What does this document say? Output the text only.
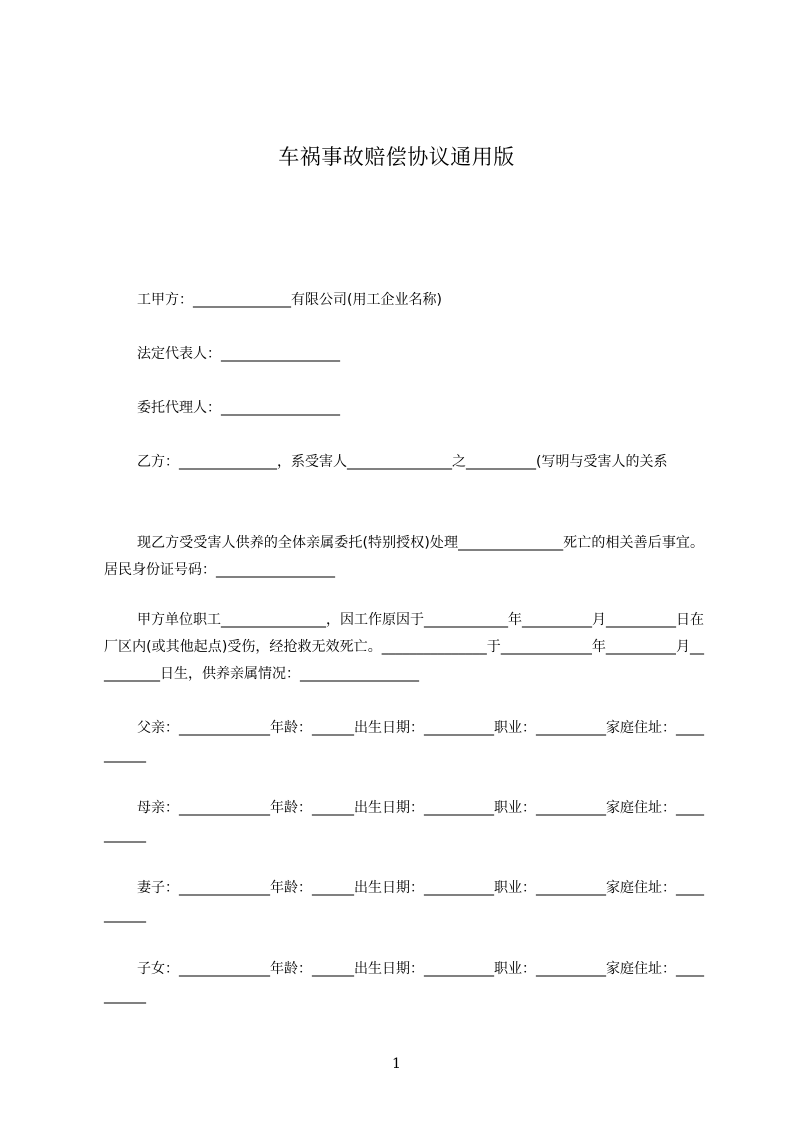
车祸事故赔偿协议通用版
工甲方：______________有限公司(用工企业名称)
法定代表人：_________________
委托代理人：_________________
乙方：______________，系受害人_______________之__________(写明与受害人的关系
现乙方受受害人供养的全体亲属委托(特别授权)处理_______________死亡的相关善后事宜。居民身份证号码：_________________
甲方单位职工_______________，因工作原因于____________年__________月__________日在厂区内(或其他起点)受伤，经抢救无效死亡。_______________于_____________年__________月__________日生，供养亲属情况：_________________
父亲：_____________年龄：______出生日期：__________职业：__________家庭住址：__________
母亲：_____________年龄：______出生日期：__________职业：__________家庭住址：__________
妻子：_____________年龄：______出生日期：__________职业：__________家庭住址：__________
子女：_____________年龄：______出生日期：__________职业：__________家庭住址：__________
1
